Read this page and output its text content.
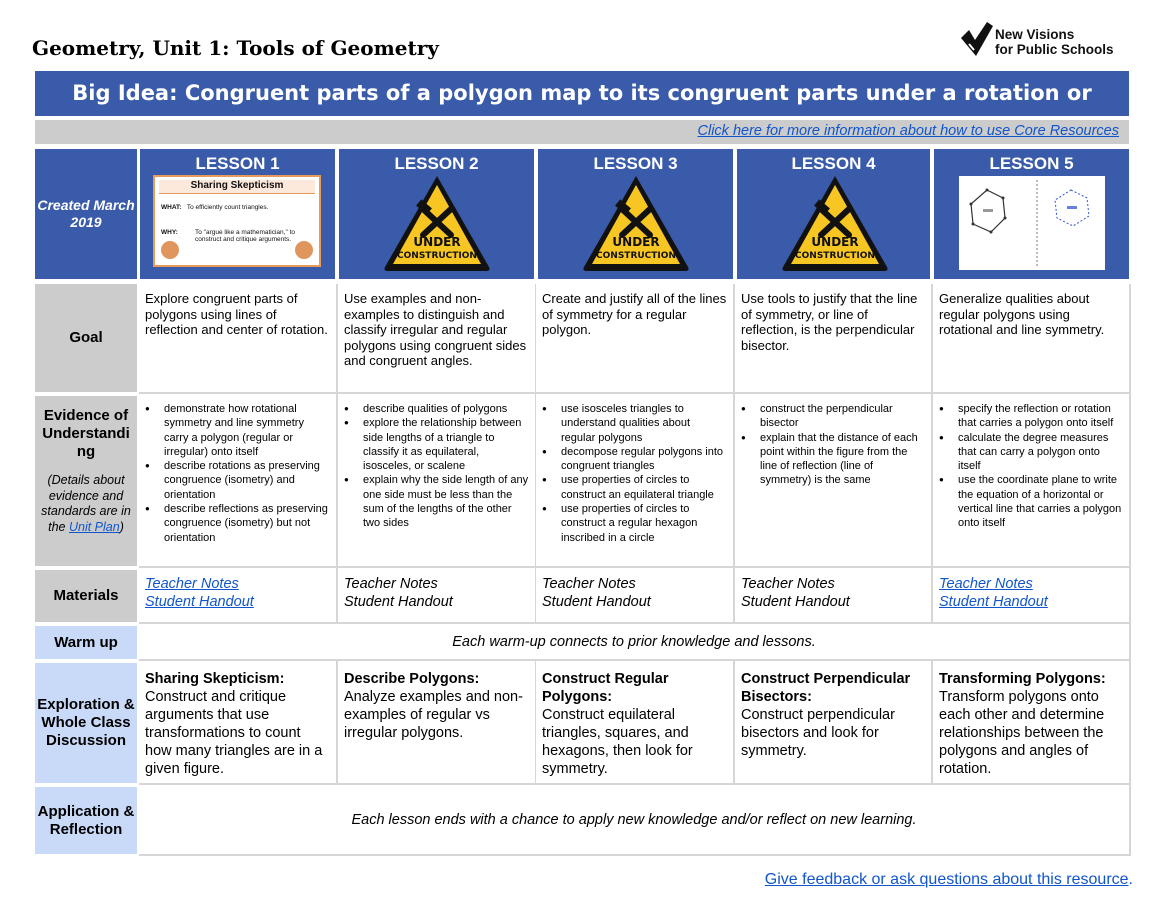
Geometry, Unit 1: Tools of Geometry
New Visions
for Public Schools
Big Idea: Congruent parts of a polygon map to its congruent parts under a rotation or
Click here for more information about how to use Core Resources
Created March 2019
LESSON 1
Sharing Skepticism
WHAT: To efficiently count triangles.
WHY:	To "argue like a mathematician," to construct and critique arguments.
LESSON 2
UNDER
CONSTRUCTION
LESSON 3
UNDER
CONSTRUCTION
LESSON 4
UNDER
CONSTRUCTION
LESSON 5
Goal
Explore congruent parts of polygons using lines of reflection and center of rotation.
Use examples and non-examples to distinguish and classify irregular and regular polygons using congruent sides and congruent angles.
Create and justify all of the lines of symmetry for a regular polygon.
Use tools to justify that the line of symmetry, or line of reflection, is the perpendicular bisector.
Generalize qualities about regular polygons using rotational and line symmetry.
Evidence of Understandi ng
(Details about evidence and standards are in the Unit Plan)
● demonstrate how rotational symmetry and line symmetry carry a polygon (regular or irregular) onto itself
● describe rotations as preserving congruence (isometry) and orientation
● describe reflections as preserving congruence (isometry) but not orientation
● describe qualities of polygons
● explore the relationship between side lengths of a triangle to classify it as equilateral, isosceles, or scalene
● explain why the side length of any one side must be less than the sum of the lengths of the other two sides
● use isosceles triangles to understand qualities about regular polygons
● decompose regular polygons into congruent triangles
● use properties of circles to construct an equilateral triangle
● use properties of circles to construct a regular hexagon inscribed in a circle
● construct the perpendicular bisector
● explain that the distance of each point within the figure from the line of reflection (line of symmetry) is the same
● specify the reflection or rotation that carries a polygon onto itself
● calculate the degree measures that can carry a polygon onto itself
● use the coordinate plane to write the equation of a horizontal or vertical line that carries a polygon onto itself
Materials
Teacher Notes
Student Handout
Teacher Notes
Student Handout
Teacher Notes
Student Handout
Teacher Notes
Student Handout
Teacher Notes
Student Handout
Warm up	Each warm-up connects to prior knowledge and lessons.
Exploration & Whole Class Discussion
Sharing Skepticism:
Construct and critique arguments that use transformations to count how many triangles are in a given figure.
Describe Polygons:
Analyze examples and non-examples of regular vs irregular polygons.
Construct Regular Polygons:
Construct equilateral triangles, squares, and hexagons, then look for symmetry.
Construct Perpendicular Bisectors:
Construct perpendicular bisectors and look for symmetry.
Transforming Polygons:
Transform polygons onto each other and determine relationships between the polygons and angles of rotation.
Application & Reflection
Each lesson ends with a chance to apply new knowledge and/or reflect on new learning.
Give feedback or ask questions about this resource.
